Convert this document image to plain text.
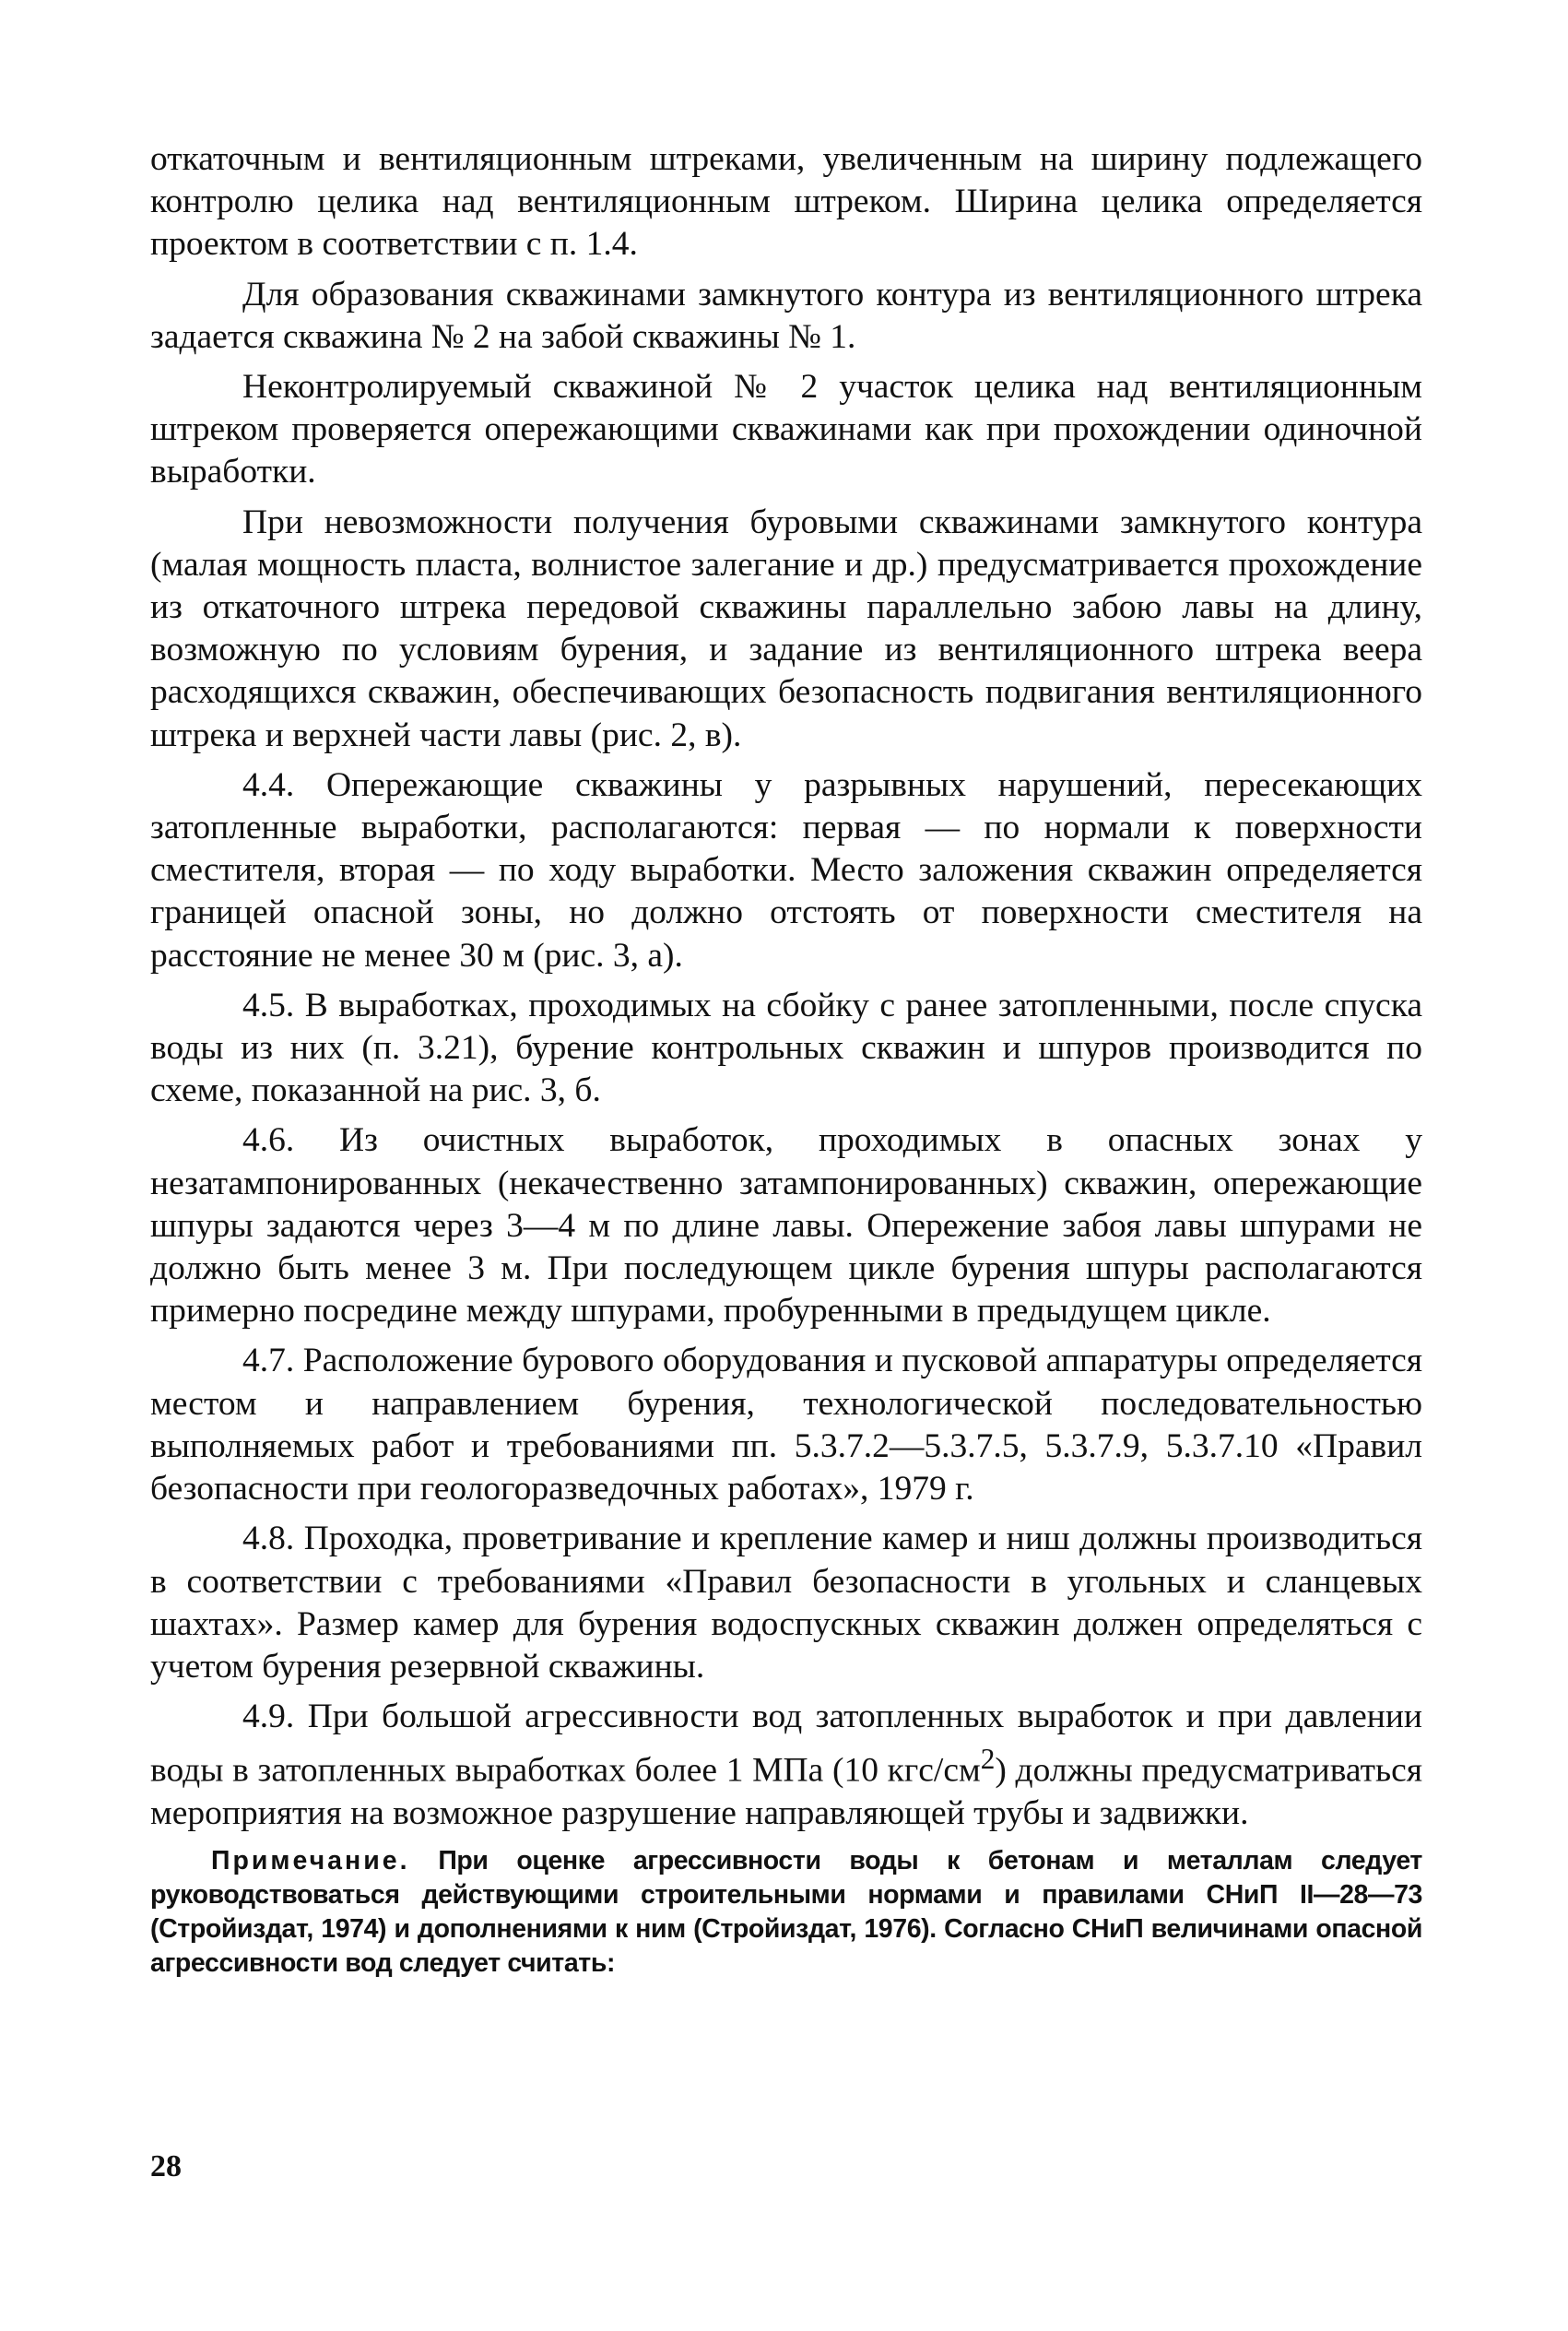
откаточным и вентиляционным штреками, увеличенным на ширину подлежащего контролю целика над вентиляционным штреком. Ширина целика определяется проектом в соответствии с п. 1.4.

Для образования скважинами замкнутого контура из вентиляционного штрека задается скважина № 2 на забой скважины № 1.

Неконтролируемый скважиной № 2 участок целика над вентиляционным штреком проверяется опережающими скважинами как при прохождении одиночной выработки.

При невозможности получения буровыми скважинами замкнутого контура (малая мощность пласта, волнистое залегание и др.) предусматривается прохождение из откаточного штрека передовой скважины параллельно забою лавы на длину, возможную по условиям бурения, и задание из вентиляционного штрека веера расходящихся скважин, обеспечивающих безопасность подвигания вентиляционного штрека и верхней части лавы (рис. 2, в).

4.4. Опережающие скважины у разрывных нарушений, пересекающих затопленные выработки, располагаются: первая — по нормали к поверхности сместителя, вторая — по ходу выработки. Место заложения скважин определяется границей опасной зоны, но должно отстоять от поверхности сместителя на расстояние не менее 30 м (рис. 3, а).

4.5. В выработках, проходимых на сбойку с ранее затопленными, после спуска воды из них (п. 3.21), бурение контрольных скважин и шпуров производится по схеме, показанной на рис. 3, б.

4.6. Из очистных выработок, проходимых в опасных зонах у незатампонированных (некачественно затампонированных) скважин, опережающие шпуры задаются через 3—4 м по длине лавы. Опережение забоя лавы шпурами не должно быть менее 3 м. При последующем цикле бурения шпуры располагаются примерно посредине между шпурами, пробуренными в предыдущем цикле.

4.7. Расположение бурового оборудования и пусковой аппаратуры определяется местом и направлением бурения, технологической последовательностью выполняемых работ и требованиями пп. 5.3.7.2—5.3.7.5, 5.3.7.9, 5.3.7.10 «Правил безопасности при геологоразведочных работах», 1979 г.

4.8. Проходка, проветривание и крепление камер и ниш должны производиться в соответствии с требованиями «Правил безопасности в угольных и сланцевых шахтах». Размер камер для бурения водоспускных скважин должен определяться с учетом бурения резервной скважины.

4.9. При большой агрессивности вод затопленных выработок и при давлении воды в затопленных выработках более 1 МПа (10 кгс/$см^2$) должны предусматриваться мероприятия на возможное разрушение направляющей трубы и задвижки.

Примечание. При оценке агрессивности воды к бетонам и металлам следует руководствоваться действующими строительными нормами и правилами СНиП II—28—73 (Стройиздат, 1974) и дополнениями к ним (Стройиздат, 1976). Согласно СНиП величинами опасной агрессивности вод следует считать:

28
